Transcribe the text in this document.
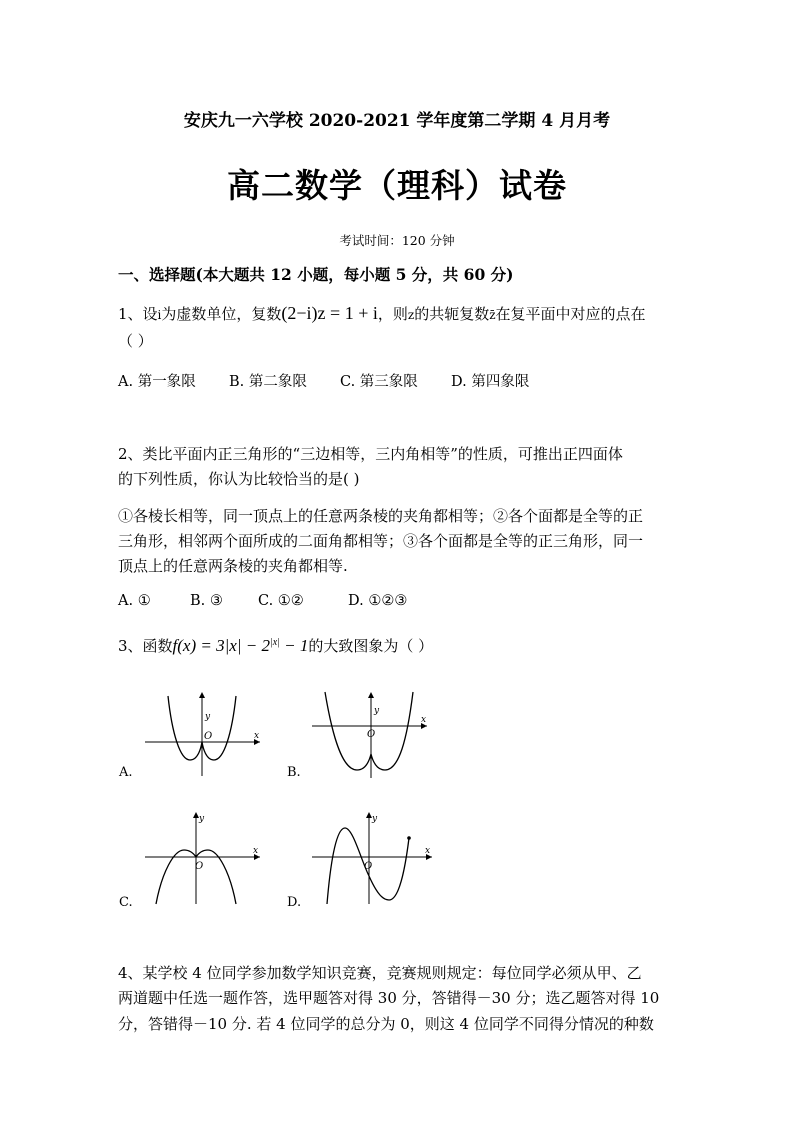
安庆九一六学校 2020-2021 学年度第二学期 4 月月考
高二数学（理科）试卷
考试时间：120 分钟
一、选择题(本大题共 12 小题，每小题 5 分，共 60 分)
1、设i为虚数单位，复数(2−i)z = 1 + i，则z的共轭复数z̄在复平面中对应的点在
（ ）
A. 第一象限 B. 第二象限 C. 第三象限 D. 第四象限
2、类比平面内正三角形的“三边相等，三内角相等”的性质，可推出正四面体
的下列性质，你认为比较恰当的是( )
①各棱长相等，同一顶点上的任意两条棱的夹角都相等；②各个面都是全等的正
三角形，相邻两个面所成的二面角都相等；③各个面都是全等的正三角形，同一
顶点上的任意两条棱的夹角都相等.
A. ①	B. ③ C. ①②	D. ①②③
3、函数$f(x) = 3|x| - 2^{|x|} - 1$的大致图象为（ ）
x
y
O
A.
x
y
O
B.
x
y
O
C.
x
y
O
D.
4、某学校 4 位同学参加数学知识竞赛，竞赛规则规定：每位同学必须从甲、乙
两道题中任选一题作答，选甲题答对得 30 分，答错得－30 分；选乙题答对得 10
分，答错得－10 分. 若 4 位同学的总分为 0，则这 4 位同学不同得分情况的种数
